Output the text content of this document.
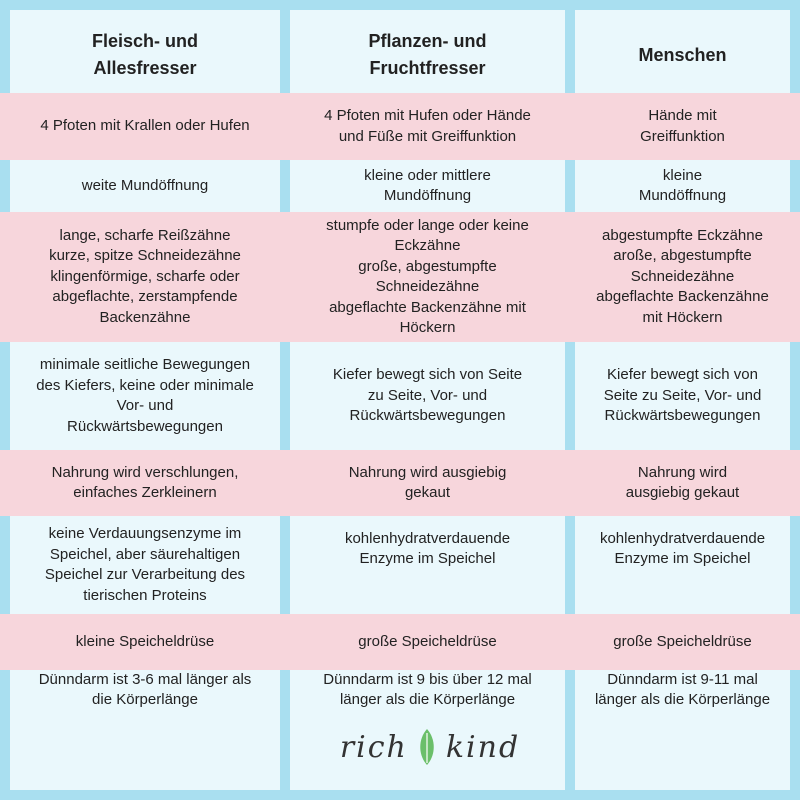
Fleisch- und
Allesfresser
Pflanzen- und
Fruchtfresser
Menschen
4 Pfoten mit Krallen oder Hufen
4 Pfoten mit Hufen oder Hände
und Füße mit Greiffunktion
Hände mit
Greiffunktion
weite Mundöffnung
kleine oder mittlere
Mundöffnung
kleine
Mundöffnung
lange, scharfe Reißzähne
kurze, spitze Schneidezähne
klingenförmige, scharfe oder
abgeflachte, zerstampfende
Backenzähne
stumpfe oder lange oder keine
Eckzähne
große, abgestumpfte
Schneidezähne
abgeflachte Backenzähne mit
Höckern
abgestumpfte Eckzähne
aroße, abgestumpfte
Schneidezähne
abgeflachte Backenzähne
mit Höckern
minimale seitliche Bewegungen
des Kiefers, keine oder minimale
Vor- und
Rückwärtsbewegungen
Kiefer bewegt sich von Seite
zu Seite, Vor- und
Rückwärtsbewegungen
Kiefer bewegt sich von
Seite zu Seite, Vor- und
Rückwärtsbewegungen
Nahrung wird verschlungen,
einfaches Zerkleinern
Nahrung wird ausgiebig
gekaut
Nahrung wird
ausgiebig gekaut
keine Verdauungsenzyme im
Speichel, aber säurehaltigen
Speichel zur Verarbeitung des
tierischen Proteins
kohlenhydratverdauende
Enzyme im Speichel
kohlenhydratverdauende
Enzyme im Speichel
kleine Speicheldrüse	große Speicheldrüse	große Speicheldrüse
Dünndarm ist 3-6 mal länger als
die Körperlänge
Dünndarm ist 9 bis über 12 mal
länger als die Körperlänge
Dünndarm ist 9-11 mal
länger als die Körperlänge
rich kind
